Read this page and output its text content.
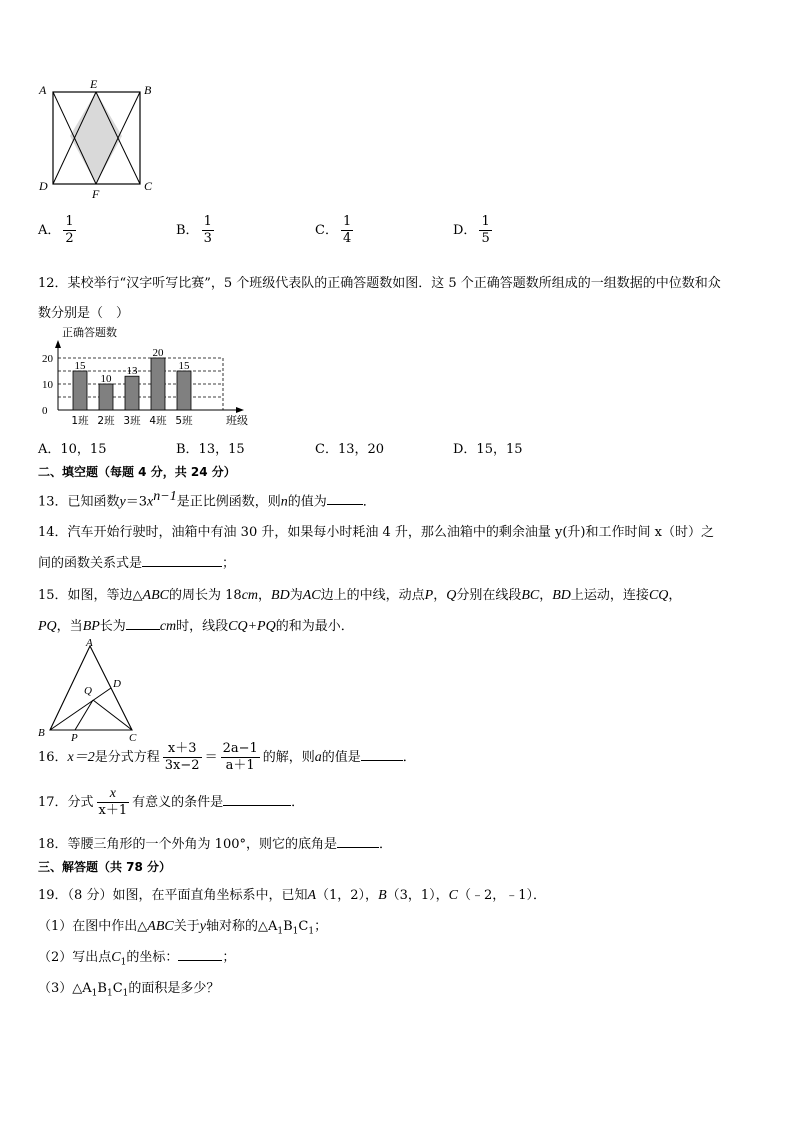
A	E	B
D
F
C
A． $\frac{1}{2}$	B． $\frac{1}{3}$	C． $\frac{1}{4}$	D． $\frac{1}{5}$
12．某校举行“汉字听写比赛”，5 个班级代表队的正确答题数如图．这 5 个正确答题数所组成的一组数据的中位数和众
数分别是（　）
正确答题数
0
10
20
15
1班
10
2班
13
3班
20
4班
15
5班	班级
A．10，15	B．13，15	C．13，20	D．15，15
二、填空题（每题 4 分，共 24 分）
13．已知函数$y=3x^{n-1}$是正比例函数，则n的值为	．
14．汽车开始行驶时，油箱中有油 30 升，如果每小时耗油 4 升，那么油箱中的剩余油量 y(升)和工作时间 x（时）之
间的函数关系式是	；
15．如图，等边△ABC的周长为 18cm，BD为AC边上的中线，动点P，Q分别在线段BC，BD上运动，连接CQ，
PQ，当BP长为 cm时，线段CQ+PQ的和为最小．
A
D
Q
B P	C
16．x＝2是分式方程 $\frac{x+3}{3x-2} = \frac{2a-1}{a+1}$ 的解，则a的值是	．
17．分式 $\frac{x}{x+1}$ 有意义的条件是	．
18．等腰三角形的一个外角为 100°，则它的底角是	．
三、解答题（共 78 分）
19．（8 分）如图，在平面直角坐标系中，已知A（1，2），B（3，1），C（﹣2，﹣1）．
（1）在图中作出△ABC关于y轴对称的$\triangle A_1B_1C_1$；
（2）写出点$C_1$的坐标：	；
$(3)\triangle A_1B_1C_1$的面积是多少？
